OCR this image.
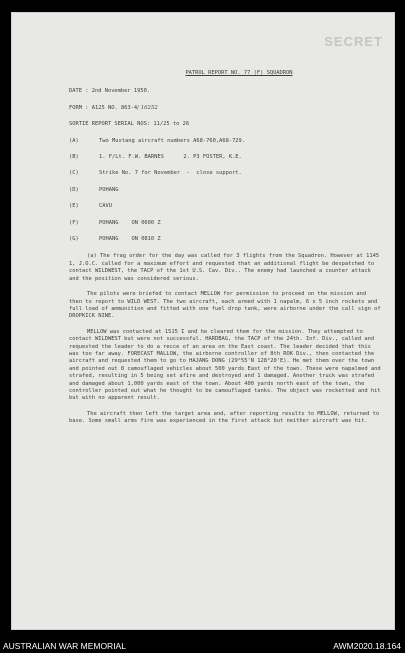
SECRET
PATROL REPORT NO. 77 (F) SQUADRON
DATE : 2nd November 1950.
FORM : A125 NO. 863-4/ 16252
SORTIE REPORT SERIAL NOS: 11/25 to 26
(A)	Two Mustang aircraft numbers A68-760,A68-729.
(B)	1. F/Lt. F.W. BARNES      2. P3 FOSTER, K.E.
(C)	Strike No. 7 for November  -  close support.
(D)	POHANG
(E)	CAVU
(F)	POHANG    ON 0600 Z
(G)	POHANG    ON 0810 Z
(a) The frag order for the day was called for 3 flights from the Squadron. However at 1145 1, J.O.C. called for a maximum effort and requested that an additional flight be despatched to contact WILDWEST, the TACP of the 1st U.S. Cav. Div.. The enemy had launched a counter attack and the position was considered serious.
The pilots were briefed to contact MELLOW for permission to proceed on the mission and then to report to WILD WEST. The two aircraft, each armed with 1 napalm, 6 x 5 inch rockets and full load of ammunition and fitted with one fuel drop tank, were airborne under the call sign of DROPKICK NINE.
MELLOW was contacted at 1515 I and he cleared them for the mission. They attempted to contact WILDWEST but were not successful. HARDBAG, the TACP of the 24th. Inf. Div., called and requested the leader to do a recce of an area on the East coast. The leader decided that this was too far away. FORECAST MALLOW, the airborne controller of 8th ROK Div., then contacted the aircraft and requested them to go to HAJANG DONG (29°55'N 128°20'E). He met them over the town and pointed out 8 camouflaged vehicles about 500 yards East of the town. These were napalmed and strafed, resulting in 5 being set afire and destroyed and 1 damaged. Another truck was strafed and damaged about 1,000 yards east of the town. About 400 yards north east of the town, the controller pointed out what he thought to be camouflaged tanks. The object was rocketted and hit but with no apparent result.
The aircraft then left the target area and, after reporting results to MELLOW, returned to base. Some small arms fire was experienced in the first attack but neither aircraft was hit.
AUSTRALIAN WAR MEMORIAL	AWM2020.18.164
